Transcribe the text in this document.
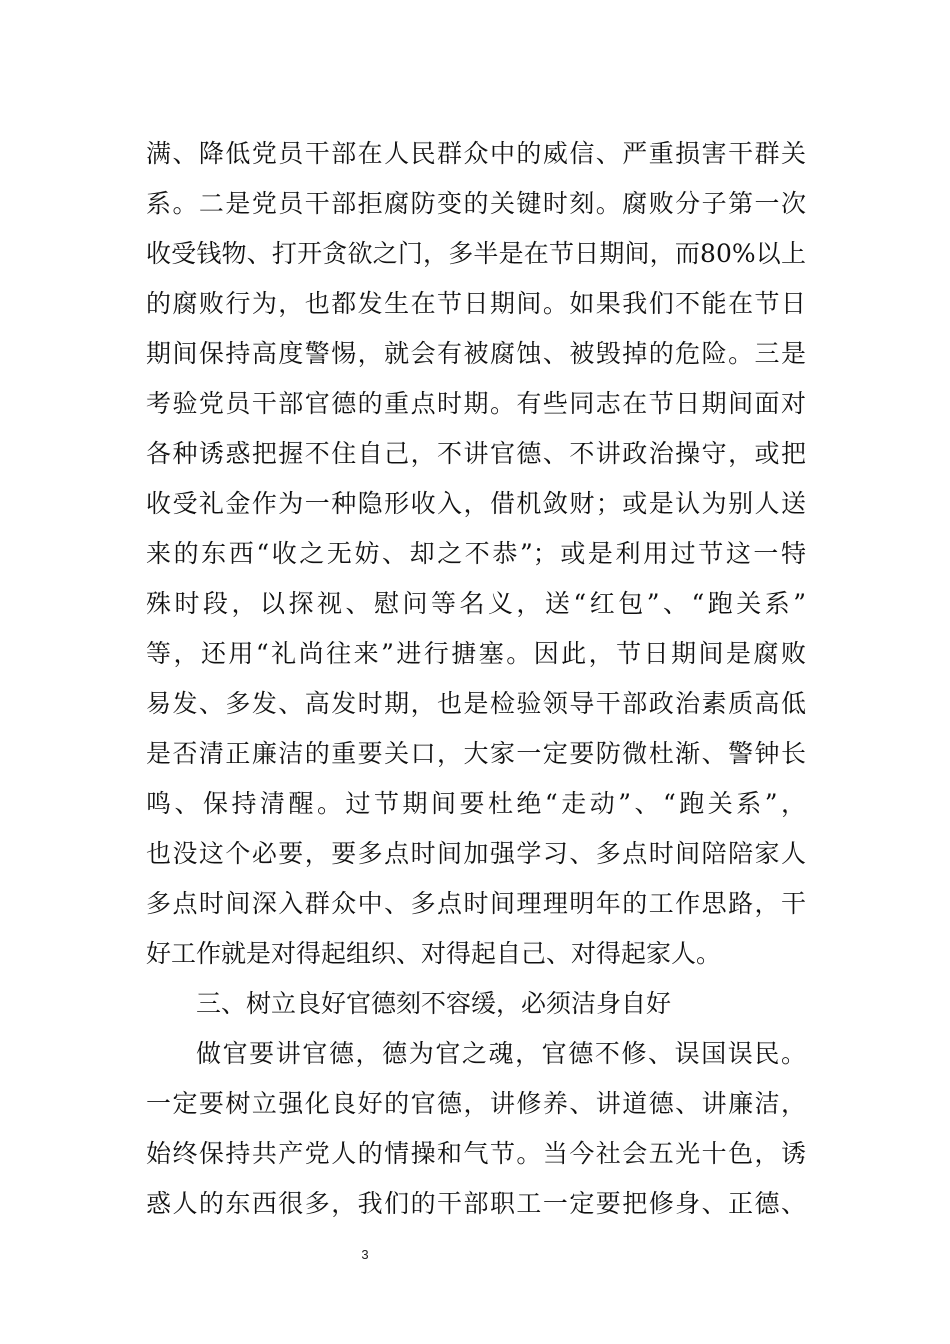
满、降低党员干部在人民群众中的威信、严重损害干群关
系。二是党员干部拒腐防变的关键时刻。腐败分子第一次
收受钱物、打开贪欲之门，多半是在节日期间，而80%以上
的腐败行为，也都发生在节日期间。如果我们不能在节日
期间保持高度警惕，就会有被腐蚀、被毁掉的危险。三是
考验党员干部官德的重点时期。有些同志在节日期间面对
各种诱惑把握不住自己，不讲官德、不讲政治操守，或把
收受礼金作为一种隐形收入，借机敛财；或是认为别人送
来的东西“收之无妨、却之不恭”；或是利用过节这一特
殊时段，以探视、慰问等名义，送“红包”、“跑关系”
等，还用“礼尚往来”进行搪塞。因此，节日期间是腐败
易发、多发、高发时期，也是检验领导干部政治素质高低
是否清正廉洁的重要关口，大家一定要防微杜渐、警钟长
鸣、保持清醒。过节期间要杜绝“走动”、“跑关系”，
也没这个必要，要多点时间加强学习、多点时间陪陪家人
多点时间深入群众中、多点时间理理明年的工作思路，干
好工作就是对得起组织、对得起自己、对得起家人。
三、树立良好官德刻不容缓，必须洁身自好
做官要讲官德，德为官之魂，官德不修、误国误民。
一定要树立强化良好的官德，讲修养、讲道德、讲廉洁，
始终保持共产党人的情操和气节。当今社会五光十色，诱
惑人的东西很多，我们的干部职工一定要把修身、正德、
3
